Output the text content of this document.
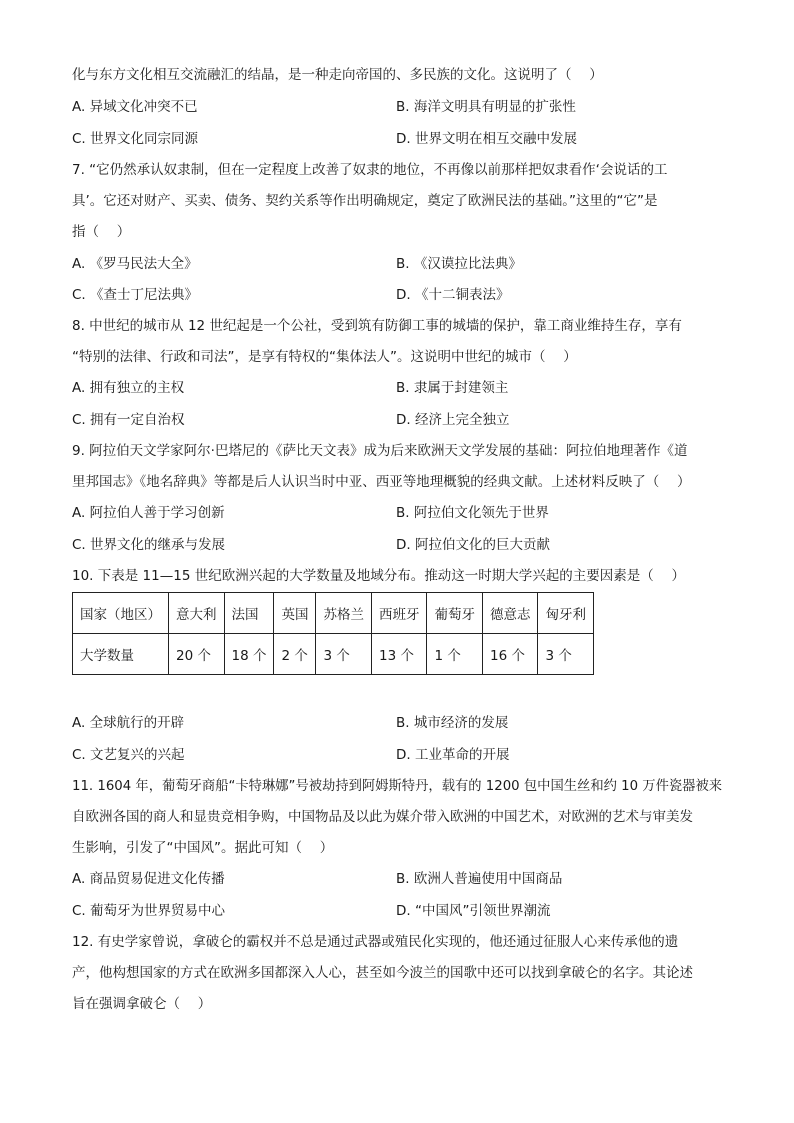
化与东方文化相互交流融汇的结晶，是一种走向帝国的、多民族的文化。这说明了（　 ）
A. 异域文化冲突不已	B. 海洋文明具有明显的扩张性
C. 世界文化同宗同源	D. 世界文明在相互交融中发展
7. “它仍然承认奴隶制，但在一定程度上改善了奴隶的地位，不再像以前那样把奴隶看作‘会说话的工
具’。它还对财产、买卖、债务、契约关系等作出明确规定，奠定了欧洲民法的基础。”这里的“它”是
指（　 ）
A. 《罗马民法大全》	B. 《汉谟拉比法典》
C. 《查士丁尼法典》	D. 《十二铜表法》
8. 中世纪的城市从 12 世纪起是一个公社，受到筑有防御工事的城墙的保护，靠工商业维持生存，享有
“特别的法律、行政和司法”，是享有特权的“集体法人”。这说明中世纪的城市（　 ）
A. 拥有独立的主权	B. 隶属于封建领主
C. 拥有一定自治权	D. 经济上完全独立
9. 阿拉伯天文学家阿尔·巴塔尼的《萨比天文表》成为后来欧洲天文学发展的基础：阿拉伯地理著作《道
里邦国志》《地名辞典》等都是后人认识当时中亚、西亚等地理概貌的经典文献。上述材料反映了（　 ）
A. 阿拉伯人善于学习创新	B. 阿拉伯文化领先于世界
C. 世界文化的继承与发展	D. 阿拉伯文化的巨大贡献
10. 下表是 11—15 世纪欧洲兴起的大学数量及地域分布。推动这一时期大学兴起的主要因素是（　 ）
国家（地区）	意大利	法国	英国	苏格兰	西班牙	葡萄牙	德意志	匈牙利
大学数量	20 个	18 个	2 个	3 个	13 个	1 个	16 个	3 个
A. 全球航行的开辟	B. 城市经济的发展
C. 文艺复兴的兴起	D. 工业革命的开展
11. 1604 年，葡萄牙商船“卡特琳娜”号被劫持到阿姆斯特丹，载有的 1200 包中国生丝和约 10 万件瓷器被来
自欧洲各国的商人和显贵竞相争购，中国物品及以此为媒介带入欧洲的中国艺术，对欧洲的艺术与审美发
生影响，引发了“中国风”。据此可知（　 ）
A. 商品贸易促进文化传播	B. 欧洲人普遍使用中国商品
C. 葡萄牙为世界贸易中心	D. “中国风”引领世界潮流
12. 有史学家曾说，拿破仑的霸权并不总是通过武器或殖民化实现的，他还通过征服人心来传承他的遗
产，他构想国家的方式在欧洲多国都深入人心，甚至如今波兰的国歌中还可以找到拿破仑的名字。其论述
旨在强调拿破仑（　 ）
